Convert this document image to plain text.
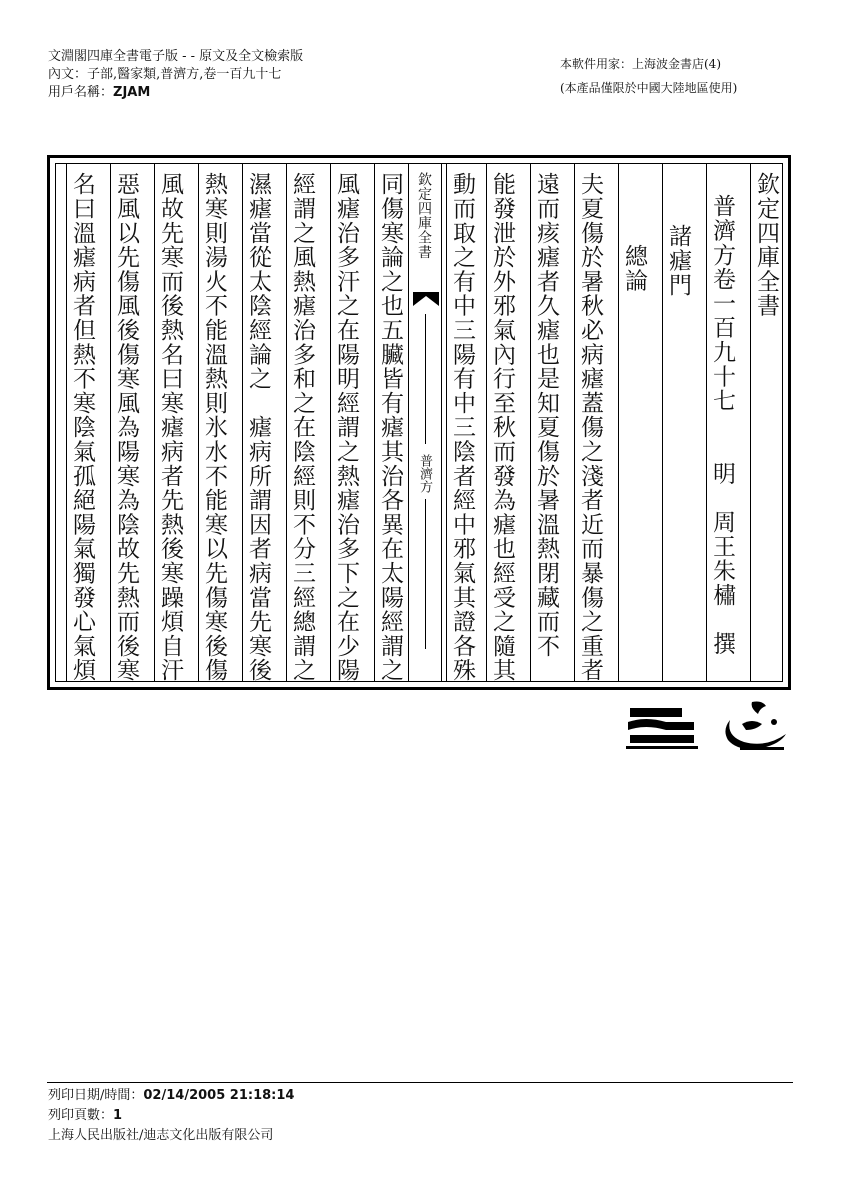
文淵閣四庫全書電子版 - - 原文及全文檢索版
內文：子部,醫家類,普濟方,卷一百九十七
用戶名稱：ZJAM
本軟件用家：上海波金書店(4)
(本產品僅限於中國大陸地區使用)
欽定四庫全書
普濟方卷一百九十七　　明　周王朱橚　撰
諸瘧門
總論
夫夏傷於暑秋必病瘧蓋傷之淺者近而暴傷之重者
遠而痎瘧者久瘧也是知夏傷於暑溫熱閉藏而不
能發泄於外邪氣內行至秋而發為瘧也經受之隨其
動而取之有中三陽有中三陰者經中邪氣其證各殊
欽定四庫全書
普濟方
同傷寒論之也五臟皆有瘧其治各異在太陽經謂之
風瘧治多汗之在陽明經謂之熱瘧治多下之在少陽
經謂之風熱瘧治多和之在陰經則不分三經總謂之
濕瘧當從太陰經論之　瘧病所謂因者病當先寒後
熱寒則湯火不能溫熱則氷水不能寒以先傷寒後傷
風故先寒而後熱名曰寒瘧病者先熱後寒躁煩自汗
惡風以先傷風後傷寒風為陽寒為陰故先熱而後寒
名曰溫瘧病者但熱不寒陰氣孤絕陽氣獨發心氣煩
列印日期/時間：02/14/2005 21:18:14
列印頁數：1
上海人民出版社/迪志文化出版有限公司
